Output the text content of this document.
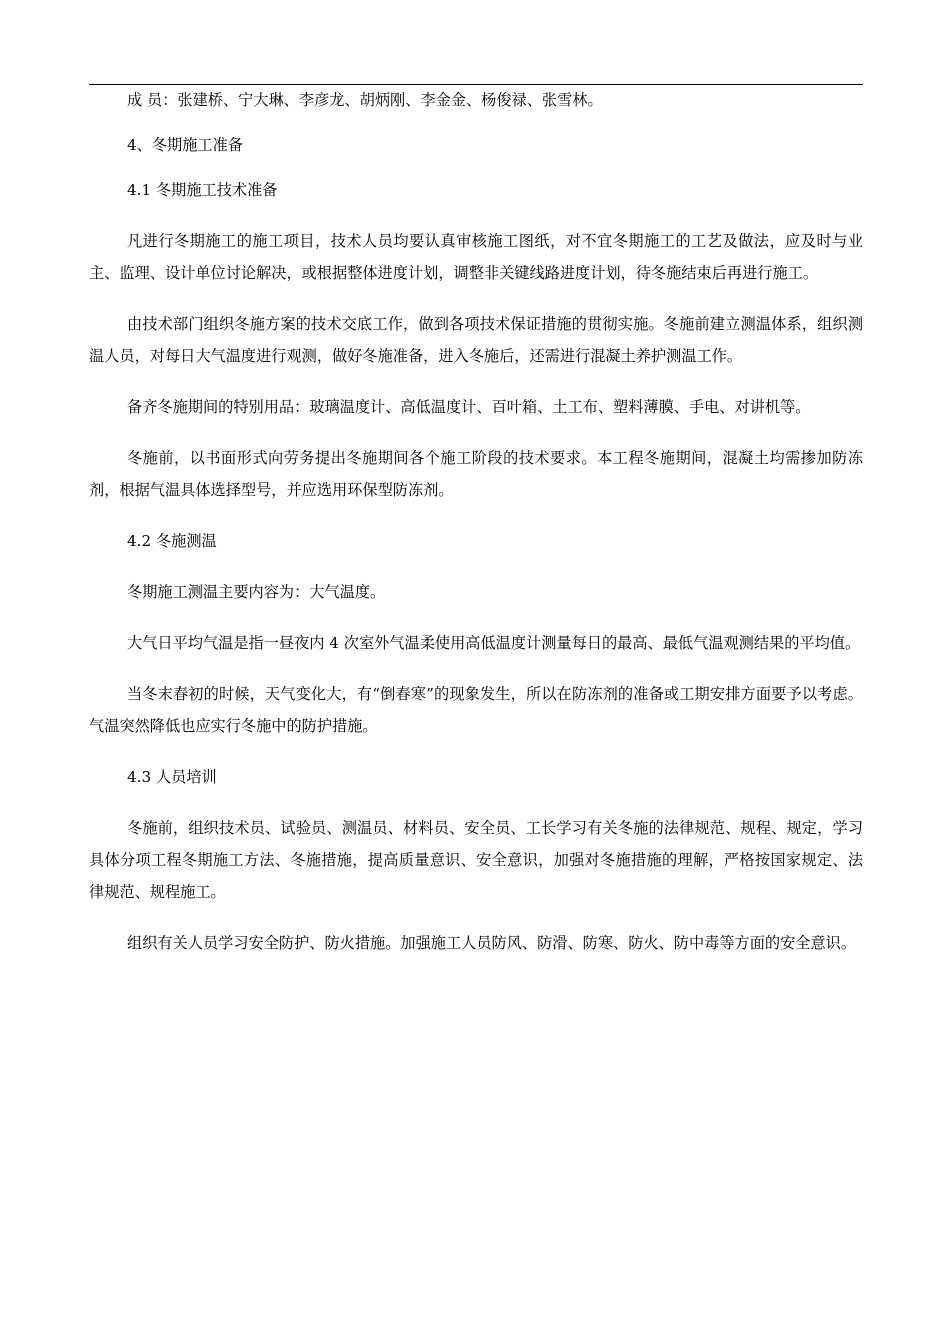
成 员：张建桥、宁大琳、李彦龙、胡炳刚、李金金、杨俊禄、张雪林。

4、冬期施工准备

4.1 冬期施工技术准备

凡进行冬期施工的施工项目，技术人员均要认真审核施工图纸，对不宜冬期施工的工艺及做法，应及时与业主、监理、设计单位讨论解决，或根据整体进度计划，调整非关键线路进度计划，待冬施结束后再进行施工。

由技术部门组织冬施方案的技术交底工作，做到各项技术保证措施的贯彻实施。冬施前建立测温体系，组织测温人员，对每日大气温度进行观测，做好冬施准备，进入冬施后，还需进行混凝土养护测温工作。

备齐冬施期间的特别用品：玻璃温度计、高低温度计、百叶箱、土工布、塑料薄膜、手电、对讲机等。

冬施前，以书面形式向劳务提出冬施期间各个施工阶段的技术要求。本工程冬施期间，混凝土均需掺加防冻剂，根据气温具体选择型号，并应选用环保型防冻剂。

4.2 冬施测温

冬期施工测温主要内容为：大气温度。

大气日平均气温是指一昼夜内 4 次室外气温柔使用高低温度计测量每日的最高、最低气温观测结果的平均值。

当冬末春初的时候，天气变化大，有“倒春寒”的现象发生，所以在防冻剂的准备或工期安排方面要予以考虑。气温突然降低也应实行冬施中的防护措施。

4.3 人员培训

冬施前，组织技术员、试验员、测温员、材料员、安全员、工长学习有关冬施的法律规范、规程、规定，学习具体分项工程冬期施工方法、冬施措施，提高质量意识、安全意识，加强对冬施措施的理解，严格按国家规定、法律规范、规程施工。

组织有关人员学习安全防护、防火措施。加强施工人员防风、防滑、防寒、防火、防中毒等方面的安全意识。
